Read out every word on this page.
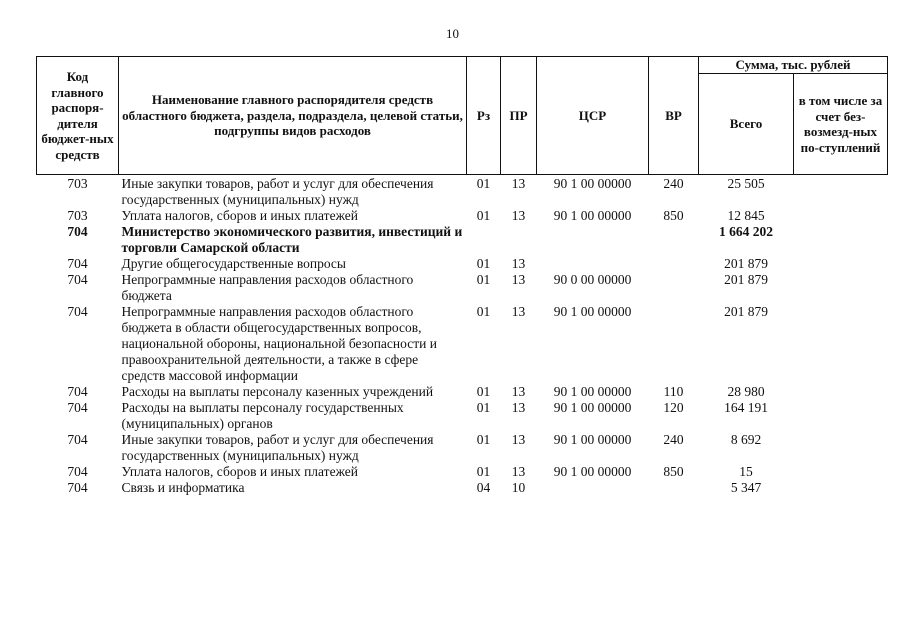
10
Код главного распоря-дителя бюджет-ных средств	Наименование главного распорядителя средств областного бюджета, раздела, подраздела, целевой статьи, подгруппы видов расходов	Рз	ПР	ЦСР	ВР	Сумма, тыс. рублей	
						Всего	в том числе за счет без-возмезд-ных по-ступлений
703	Иные закупки товаров, работ и услуг для обеспечения государственных (муниципальных) нужд	01	13	90 1 00 00000	240	25 505	
703	Уплата налогов, сборов и иных платежей	01	13	90 1 00 00000	850	12 845	
704	Министерство экономического развития, инвестиций и торговли Самарской области					1 664 202	
704	Другие общегосударственные вопросы	01	13			201 879	
704	Непрограммные направления расходов областного бюджета	01	13	90 0 00 00000		201 879	
704	Непрограммные направления расходов областного бюджета в области общегосударственных вопросов, национальной обороны, национальной безопасности и правоохранительной деятельности, а также в сфере средств массовой информации	01	13	90 1 00 00000		201 879	
704	Расходы на выплаты персоналу казенных учреждений	01	13	90 1 00 00000	110	28 980	
704	Расходы на выплаты персоналу государственных (муниципальных) органов	01	13	90 1 00 00000	120	164 191	
704	Иные закупки товаров, работ и услуг для обеспечения государственных (муниципальных) нужд	01	13	90 1 00 00000	240	8 692	
704	Уплата налогов, сборов и иных платежей	01	13	90 1 00 00000	850	15	
704	Связь и информатика	04	10			5 347	
